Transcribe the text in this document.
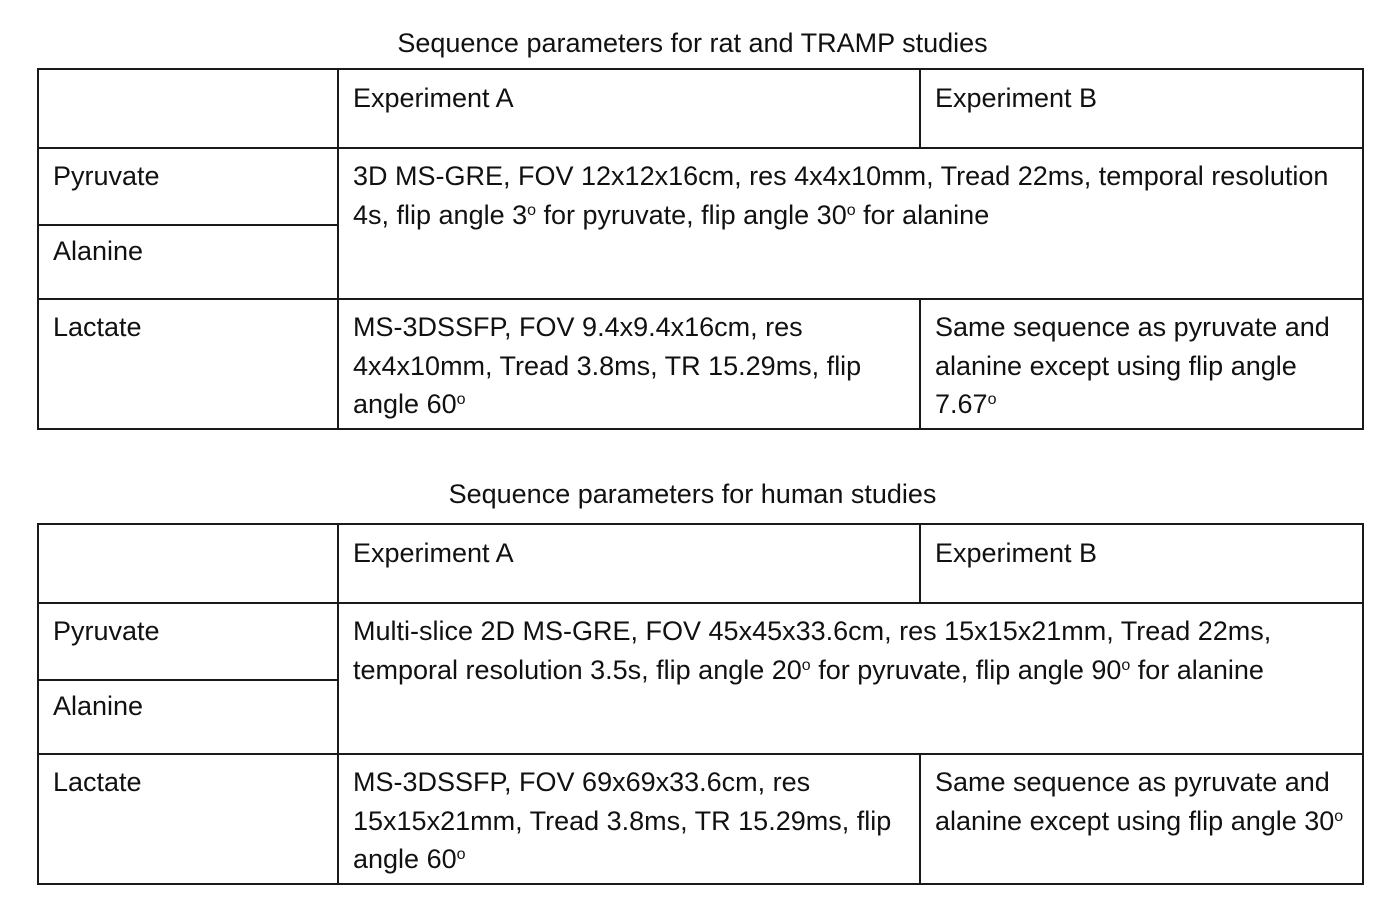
Sequence parameters for rat and TRAMP studies
	Experiment A	Experiment B
Pyruvate	3D MS-GRE, FOV 12x12x16cm, res 4x4x10mm, Tread 22ms, temporal resolution 4s, flip angle 3$^o$ for pyruvate, flip angle 30$^o$ for alanine	
Alanine		
Lactate	MS-3DSSFP, FOV 9.4x9.4x16cm, res 4x4x10mm, Tread 3.8ms, TR 15.29ms, flip angle 60$^o$	Same sequence as pyruvate and alanine except using flip angle 7.67$^o$
Sequence parameters for human studies
	Experiment A	Experiment B
Pyruvate	Multi-slice 2D MS-GRE, FOV 45x45x33.6cm, res 15x15x21mm, Tread 22ms, temporal resolution 3.5s, flip angle 20$^o$ for pyruvate, flip angle 90$^o$ for alanine	
Alanine		
Lactate	MS-3DSSFP, FOV 69x69x33.6cm, res 15x15x21mm, Tread 3.8ms, TR 15.29ms, flip angle 60$^o$	Same sequence as pyruvate and alanine except using flip angle 30$^o$
